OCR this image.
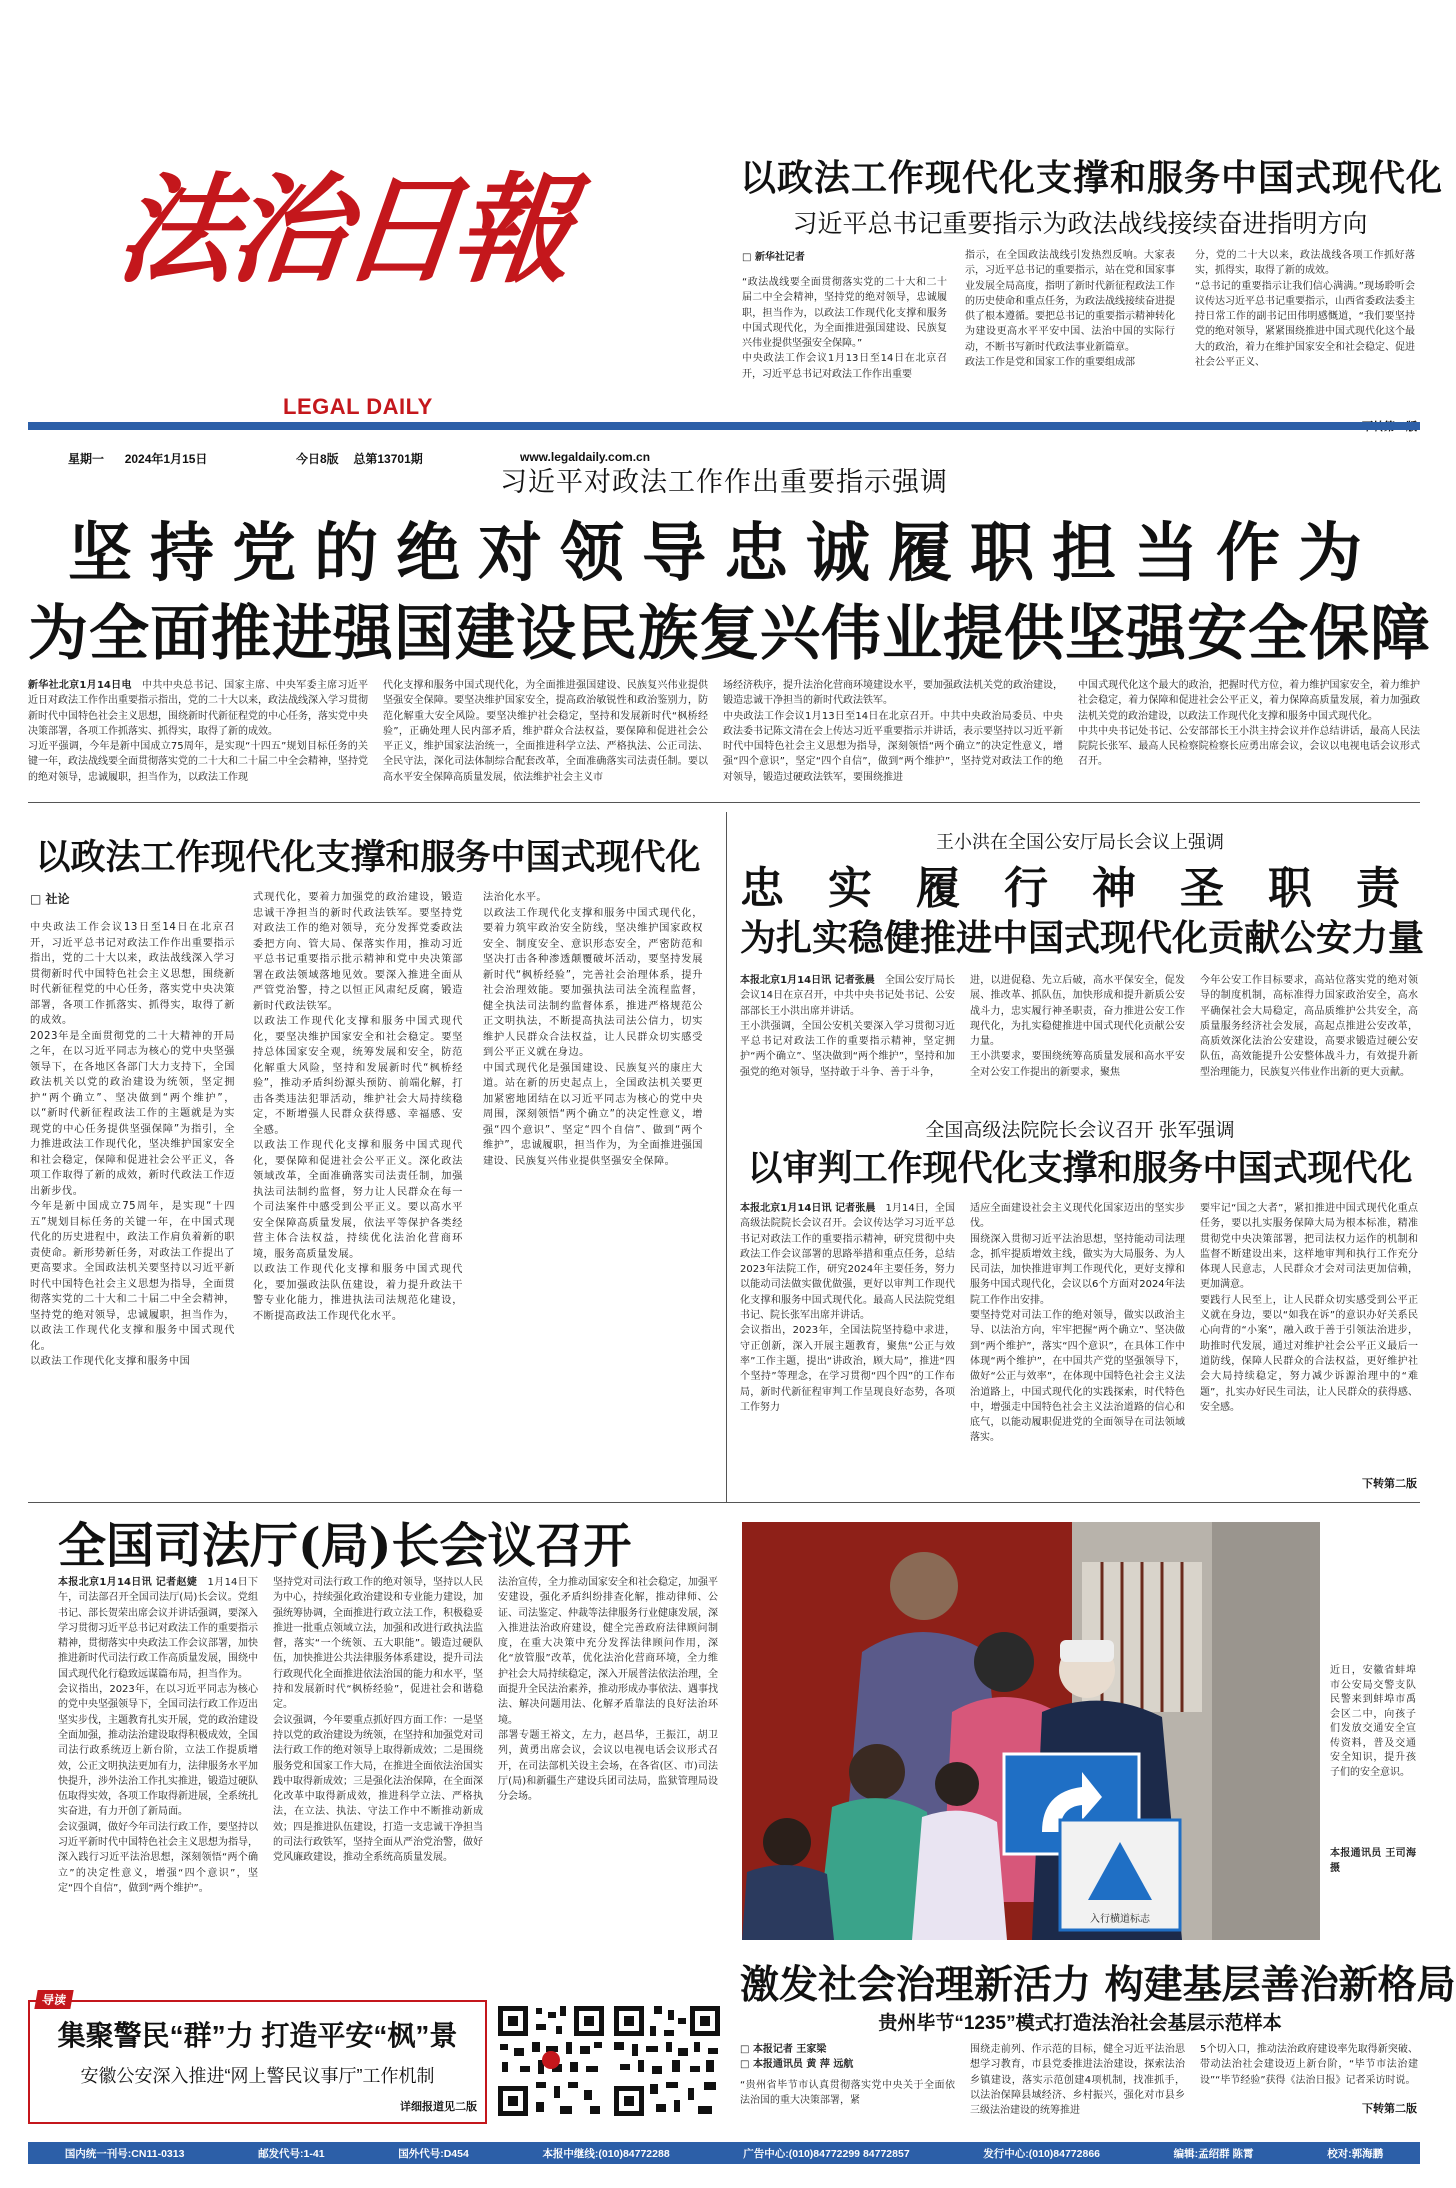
法治日報
LEGAL DAILY
星期一 2024年1月15日	今日8版 总第13701期	www.legaldaily.com.cn
以政法工作现代化支撑和服务中国式现代化
习近平总书记重要指示为政法战线接续奋进指明方向
□ 新华社记者
“政法战线要全面贯彻落实党的二十大和二十届二中全会精神，坚持党的绝对领导，忠诚履职，担当作为，以政法工作现代化支撑和服务中国式现代化，为全面推进强国建设、民族复兴伟业提供坚强安全保障。”
中央政法工作会议1月13日至14日在北京召开，习近平总书记对政法工作作出重要
指示，在全国政法战线引发热烈反响。大家表示，习近平总书记的重要指示，站在党和国家事业发展全局高度，指明了新时代新征程政法工作的历史使命和重点任务，为政法战线接续奋进提供了根本遵循。要把总书记的重要指示精神转化为建设更高水平平安中国、法治中国的实际行动，不断书写新时代政法事业新篇章。
政法工作是党和国家工作的重要组成部
分，党的二十大以来，政法战线各项工作抓好落实，抓得实，取得了新的成效。
“总书记的重要指示让我们信心满满。”现场聆听会议传达习近平总书记重要指示，山西省委政法委主持日常工作的副书记田伟明感慨道，“我们要坚持党的绝对领导，紧紧围绕推进中国式现代化这个最大的政治，着力在维护国家安全和社会稳定、促进社会公平正义、
习近平对政法工作作出重要指示强调
坚持党的绝对领导忠诚履职担当作为
为全面推进强国建设民族复兴伟业提供坚强安全保障
新华社北京1月14日电　 中共中央总书记、国家主席、中央军委主席习近平近日对政法工作作出重要指示指出，党的二十大以来，政法战线深入学习贯彻新时代中国特色社会主义思想，围绕新时代新征程党的中心任务，落实党中央决策部署，各项工作抓落实、抓得实，取得了新的成效。
习近平强调，今年是新中国成立75周年，是实现“十四五”规划目标任务的关键一年，政法战线要全面贯彻落实党的二十大和二十届二中全会精神，坚持党的绝对领导，忠诚履职，担当作为，以政法工作现
代化支撑和服务中国式现代化，为全面推进强国建设、民族复兴伟业提供坚强安全保障。要坚决维护国家安全，提高政治敏锐性和政治鉴别力，防范化解重大安全风险。要坚决维护社会稳定，坚持和发展新时代“枫桥经验”，正确处理人民内部矛盾，维护群众合法权益，要保障和促进社会公平正义，维护国家法治统一，全面推进科学立法、严格执法、公正司法、全民守法，深化司法体制综合配套改革，全面准确落实司法责任制。要以高水平安全保障高质量发展，依法维护社会主义市
场经济秩序，提升法治化营商环境建设水平，要加强政法机关党的政治建设，锻造忠诚干净担当的新时代政法铁军。
中央政法工作会议1月13日至14日在北京召开。中共中央政治局委员、中央政法委书记陈文清在会上传达习近平重要指示并讲话，表示要坚持以习近平新时代中国特色社会主义思想为指导，深刻领悟“两个确立”的决定性意义，增强“四个意识”，坚定“四个自信”，做到“两个维护”，坚持党对政法工作的绝对领导，锻造过硬政法铁军，要围绕推进
中国式现代化这个最大的政治，把握时代方位，着力维护国家安全，着力维护社会稳定，着力保障和促进社会公平正义，着力保障高质量发展，着力加强政法机关党的政治建设，以政法工作现代化支撑和服务中国式现代化。
中共中央书记处书记、公安部部长王小洪主持会议并作总结讲话，最高人民法院院长张军、最高人民检察院检察长应勇出席会议，会议以电视电话会议形式召开。
以政法工作现代化支撑和服务中国式现代化
□ 社论
中央政法工作会议13日至14日在北京召开，习近平总书记对政法工作作出重要指示指出，党的二十大以来，政法战线深入学习贯彻新时代中国特色社会主义思想，围绕新时代新征程党的中心任务，落实党中央决策部署，各项工作抓落实、抓得实，取得了新的成效。
2023年是全面贯彻党的二十大精神的开局之年，在以习近平同志为核心的党中央坚强领导下，在各地区各部门大力支持下，全国政法机关以党的政治建设为统领，坚定拥护“两个确立”、坚决做到“两个维护”，以“新时代新征程政法工作的主题就是为实现党的中心任务提供坚强保障”为指引，全力推进政法工作现代化，坚决维护国家安全和社会稳定，保障和促进社会公平正义，各项工作取得了新的成效，新时代政法工作迈出新步伐。
今年是新中国成立75周年，是实现“十四五”规划目标任务的关键一年，在中国式现代化的历史进程中，政法工作肩负着新的职责使命。新形势新任务，对政法工作提出了更高要求。全国政法机关要坚持以习近平新时代中国特色社会主义思想为指导，全面贯彻落实党的二十大和二十届二中全会精神，坚持党的绝对领导，忠诚履职，担当作为，以政法工作现代化支撑和服务中国式现代化。
以政法工作现代化支撑和服务中国
式现代化，要着力加强党的政治建设，锻造忠诚干净担当的新时代政法铁军。要坚持党对政法工作的绝对领导，充分发挥党委政法委把方向、管大局、保落实作用，推动习近平总书记重要指示批示精神和党中央决策部署在政法领域落地见效。要深入推进全面从严管党治警，持之以恒正风肃纪反腐，锻造新时代政法铁军。
以政法工作现代化支撑和服务中国式现代化，要坚决维护国家安全和社会稳定。要坚持总体国家安全观，统筹发展和安全，防范化解重大风险，坚持和发展新时代“枫桥经验”，推动矛盾纠纷源头预防、前端化解，打击各类违法犯罪活动，维护社会大局持续稳定，不断增强人民群众获得感、幸福感、安全感。
以政法工作现代化支撑和服务中国式现代化，要保障和促进社会公平正义。深化政法领域改革，全面准确落实司法责任制，加强执法司法制约监督，努力让人民群众在每一个司法案件中感受到公平正义。要以高水平安全保障高质量发展，依法平等保护各类经营主体合法权益，持续优化法治化营商环境，服务高质量发展。
以政法工作现代化支撑和服务中国式现代化，要加强政法队伍建设，着力提升政法干警专业化能力，推进执法司法规范化建设，不断提高政法工作现代化水平。
法治化水平。
以政法工作现代化支撑和服务中国式现代化，要着力筑牢政治安全防线，坚决维护国家政权安全、制度安全、意识形态安全，严密防范和坚决打击各种渗透颠覆破坏活动，要坚持发展新时代“枫桥经验”，完善社会治理体系，提升社会治理效能。要加强执法司法全流程监督，健全执法司法制约监督体系，推进严格规范公正文明执法，不断提高执法司法公信力，切实维护人民群众合法权益，让人民群众切实感受到公平正义就在身边。
中国式现代化是强国建设、民族复兴的康庄大道。站在新的历史起点上，全国政法机关要更加紧密地团结在以习近平同志为核心的党中央周围，深刻领悟“两个确立”的决定性意义，增强“四个意识”、坚定“四个自信”、做到“两个维护”，忠诚履职，担当作为，为全面推进强国建设、民族复兴伟业提供坚强安全保障。
王小洪在全国公安厅局长会议上强调
忠实履行神圣职责
为扎实稳健推进中国式现代化贡献公安力量
本报北京1月14日讯 记者张晨　 全国公安厅局长会议14日在京召开，中共中央书记处书记、公安部部长王小洪出席并讲话。
王小洪强调，全国公安机关要深入学习贯彻习近平总书记对政法工作的重要指示精神，坚定拥护“两个确立”、坚决做到“两个维护”，坚持和加强党的绝对领导，坚持敢于斗争、善于斗争，
进，以进促稳、先立后破，高水平保安全，促发展、推改革、抓队伍，加快形成和提升新质公安战斗力，忠实履行神圣职责，奋力推进公安工作现代化，为扎实稳健推进中国式现代化贡献公安力量。
王小洪要求，要围绕统筹高质量发展和高水平安全对公安工作提出的新要求，聚焦
今年公安工作目标要求，高站位落实党的绝对领导的制度机制，高标准得力国家政治安全，高水平确保社会大局稳定，高品质维护公共安全，高质量服务经济社会发展，高起点推进公安改革，高质效深化法治公安建设，高要求锻造过硬公安队伍，高效能提升公安整体战斗力，有效提升新型治理能力，民族复兴伟业作出新的更大贡献。
全国高级法院院长会议召开 张军强调
以审判工作现代化支撑和服务中国式现代化
本报北京1月14日讯 记者张晨　 1月14日，全国高级法院院长会议召开。会议传达学习习近平总书记对政法工作的重要指示精神，研究贯彻中央政法工作会议部署的思路举措和重点任务，总结2023年法院工作，研究2024年主要任务，努力以能动司法做实做优做强，更好以审判工作现代化支撑和服务中国式现代化。最高人民法院党组书记、院长张军出席并讲话。
会议指出，2023年，全国法院坚持稳中求进，守正创新，深入开展主题教育，聚焦“公正与效率”工作主题，提出“讲政治，顾大局”，推进“四个坚持”等理念，在学习贯彻“四个四”的工作布局，新时代新征程审判工作呈现良好态势，各项工作努力
适应全面建设社会主义现代化国家迈出的坚实步伐。
围绕深入贯彻习近平法治思想，坚持能动司法理念，抓牢提质增效主线，做实为大局服务、为人民司法，加快推进审判工作现代化，更好支撑和服务中国式现代化，会议以6个方面对2024年法院工作作出安排。
要坚持党对司法工作的绝对领导，做实以政治主导、以法治方向，牢牢把握“两个确立”、坚决做到“两个维护”，落实“四个意识”，在具体工作中体现“两个维护”，在中国共产党的坚强领导下，做好“公正与效率”，在体现中国特色社会主义法治道路上，中国式现代化的实践探索，时代特色中，增强走中国特色社会主义法治道路的信心和底气，以能动履职促进党的全面领导在司法领域落实。
要牢记“国之大者”，紧扣推进中国式现代化重点任务，要以扎实服务保障大局为根本标准，精准贯彻党中央决策部署，把司法权力运作的机制和监督不断建设出来，这样地审判和执行工作充分体现人民意志，人民群众才会对司法更加信赖，更加满意。
要践行人民至上，让人民群众切实感受到公平正义就在身边，要以“如我在诉”的意识办好关系民心向背的“小案”，融入政于善于引领法治进步，助推时代发展，通过对维护社会公平正义最后一道防线，保障人民群众的合法权益，更好维护社会大局持续稳定，努力减少诉源治理中的“难题”，扎实办好民生司法，让人民群众的获得感、安全感。
下转第二版
全国司法厅(局)长会议召开
本报北京1月14日讯 记者赵婕　 1月14日下午，司法部召开全国司法厅(局)长会议。党组书记、部长贺荣出席会议并讲话强调，要深入学习贯彻习近平总书记对政法工作的重要指示精神，贯彻落实中央政法工作会议部署，加快推进新时代司法行政工作高质量发展，围绕中国式现代化行稳致远谋篇布局，担当作为。
会议指出，2023年，在以习近平同志为核心的党中央坚强领导下，全国司法行政工作迈出坚实步伐，主题教育扎实开展，党的政治建设全面加强，推动法治建设取得积极成效，全国司法行政系统迈上新台阶，立法工作提质增效，公正文明执法更加有力，法律服务水平加快提升，涉外法治工作扎实推进，锻造过硬队伍取得实效，各项工作取得新进展，全系统扎实奋进，有力开创了新局面。
会议强调，做好今年司法行政工作，要坚持以习近平新时代中国特色社会主义思想为指导，深入践行习近平法治思想，深刻领悟“两个确立”的决定性意义，增强“四个意识”，坚定“四个自信”，做到“两个维护”。
坚持党对司法行政工作的绝对领导，坚持以人民为中心，持续强化政治建设和专业能力建设，加强统筹协调，全面推进行政立法工作，积极稳妥推进一批重点领域立法，加强和改进行政执法监督，落实“一个统领、五大职能”。锻造过硬队伍，加快推进公共法律服务体系建设，提升司法行政现代化全面推进依法治国的能力和水平，坚持和发展新时代“枫桥经验”，促进社会和谐稳定。
会议强调，今年要重点抓好四方面工作：一是坚持以党的政治建设为统领，在坚持和加强党对司法行政工作的绝对领导上取得新成效；二是围绕服务党和国家工作大局，在推进全面依法治国实践中取得新成效；三是强化法治保障，在全面深化改革中取得新成效，推进科学立法、严格执法，在立法、执法、守法工作中不断推动新成效；四是推进队伍建设，打造一支忠诚干净担当的司法行政铁军，坚持全面从严治党治警，做好党风廉政建设，推动全系统高质量发展。
法治宣传，全力推动国家安全和社会稳定，加强平安建设，强化矛盾纠纷排查化解，推动律师、公证、司法鉴定、仲裁等法律服务行业健康发展，深入推进法治政府建设，健全完善政府法律顾问制度，在重大决策中充分发挥法律顾问作用，深化“放管服”改革，优化法治化营商环境，全力维护社会大局持续稳定，深入开展普法依法治理，全面提升全民法治素养，推动形成办事依法、遇事找法、解决问题用法、化解矛盾靠法的良好法治环境。
部署专题王裕文，左力，赵昌华，王振江，胡卫列，黄勇出席会议，会议以电视电话会议形式召开，在司法部机关设主会场，在各省(区、市)司法厅(局)和新疆生产建设兵团司法局，监狱管理局设分会场。
入行横道标志
近日，安徽省蚌埠市公安局交警支队民警来到蚌埠市禹会区二中，向孩子们发放交通安全宣传资料，普及交通安全知识，提升孩子们的安全意识。
本报通讯员 王司海 摄
激发社会治理新活力 构建基层善治新格局
贵州毕节“1235”模式打造法治社会基层示范样本
□ 本报记者 王家梁
□ 本报通讯员 黄 萍 远航
“贵州省毕节市认真贯彻落实党中央关于全面依法治国的重大决策部署，紧
围绕走前列、作示范的目标，健全习近平法治思想学习教育，市县党委推进法治建设，探索法治乡镇建设，落实示范创建4项机制，找准抓手，以法治保障县域经济、乡村振兴，强化对市县乡三级法治建设的统筹推进
5个切入口，推动法治政府建设率先取得新突破、带动法治社会建设迈上新台阶，“毕节市法治建设”“毕节经验”获得《法治日报》记者采访时说。
下转第二版
导读
集聚警民“群”力 打造平安“枫”景
安徽公安深入推进“网上警民议事厅”工作机制
详细报道见二版
国内统一刊号:CN11-0313	邮发代号:1-41	国外代号:D454	本报中继线:(010)84772288	广告中心:(010)84772299 84772857	发行中心:(010)84772866	编辑:孟绍群 陈霄	校对:郭海鹏
